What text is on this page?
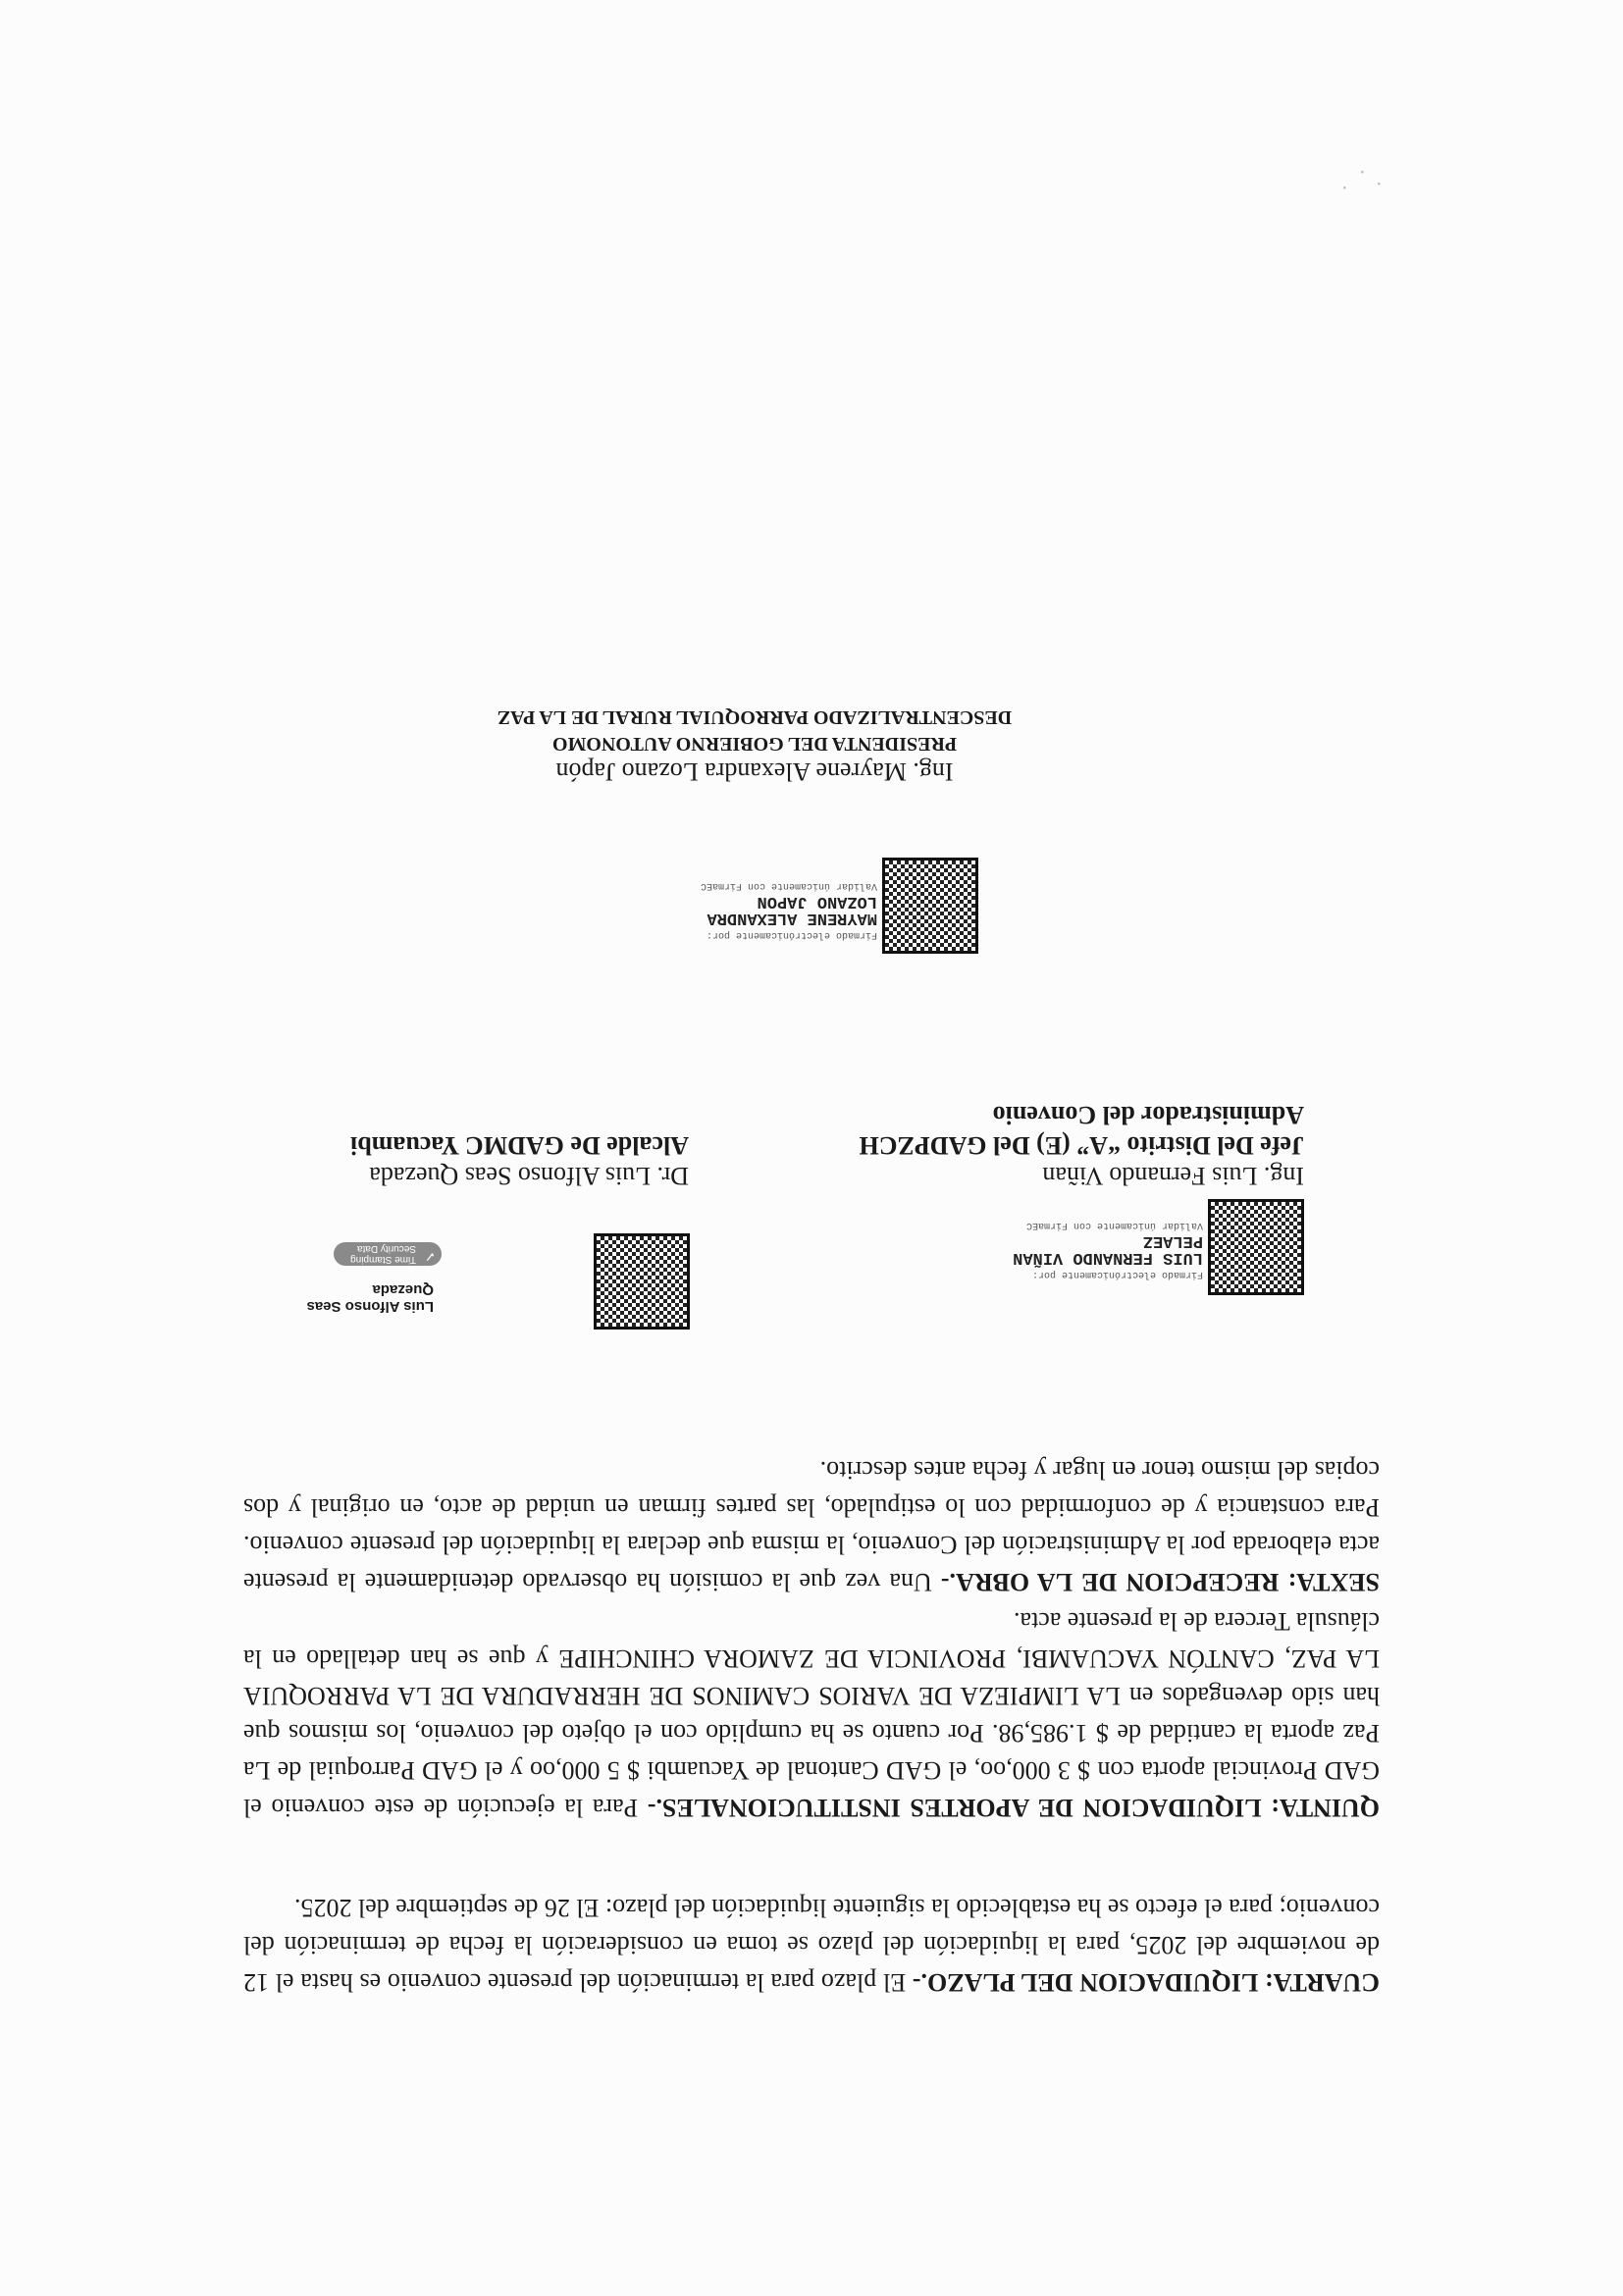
CUARTA: LIQUIDACION DEL PLAZO.- El plazo para la terminación del presente convenio es hasta el 12 de noviembre del 2025, para la liquidación del plazo se toma en consideración la fecha de terminación del convenio; para el efecto se ha establecido la siguiente liquidación del plazo: El 26 de septiembre del 2025.

QUINTA: LIQUIDACION DE APORTES INSTITUCIONALES.- Para la ejecución de este convenio el GAD Provincial aporta con $ 3 000,oo, el GAD Cantonal de Yacuambi $ 5 000,oo y el GAD Parroquial de La Paz aporta la cantidad de $ 1.985,98. Por cuanto se ha cumplido con el objeto del convenio, los mismos que han sido devengados en LA LIMPIEZA DE VARIOS CAMINOS DE HERRADURA DE LA PARROQUIA LA PAZ, CANTÓN YACUAMBI, PROVINCIA DE ZAMORA CHINCHIPE y que se han detallado en la cláusula Tercera de la presente acta.

SEXTA: RECEPCION DE LA OBRA.- Una vez que la comisión ha observado detenidamente la presente acta elaborada por la Administración del Convenio, la misma que declara la liquidación del presente convenio. Para constancia y de conformidad con lo estipulado, las partes firman en unidad de acto, en original y dos copias del mismo tenor en lugar y fecha antes descrito.

Luis Alfonso Seas Quezada
✓ Time Stamping
Security Data
Dr. Luis Alfonso Seas Quezada
Alcalde De GADMC Yacuambi
Firmado electrónicamente por:
LUIS FERNANDO VIÑAN
PELAEZ
Validar únicamente con FirmaEC
Ing. Luis Fernando Viñan
Jefe Del Distrito “A” (E) Del GADPZCH
Administrador del Convenio
Firmado electrónicamente por:
MAYRENE ALEXANDRA
LOZANO JAPON
Validar únicamente con FirmaEC
Ing. Mayrene Alexandra Lozano Japón
PRESIDENTA DEL GOBIERNO AUTONOMO
DESCENTRALIZADO PARROQUIAL RURAL DE LA PAZ
·
·
·
